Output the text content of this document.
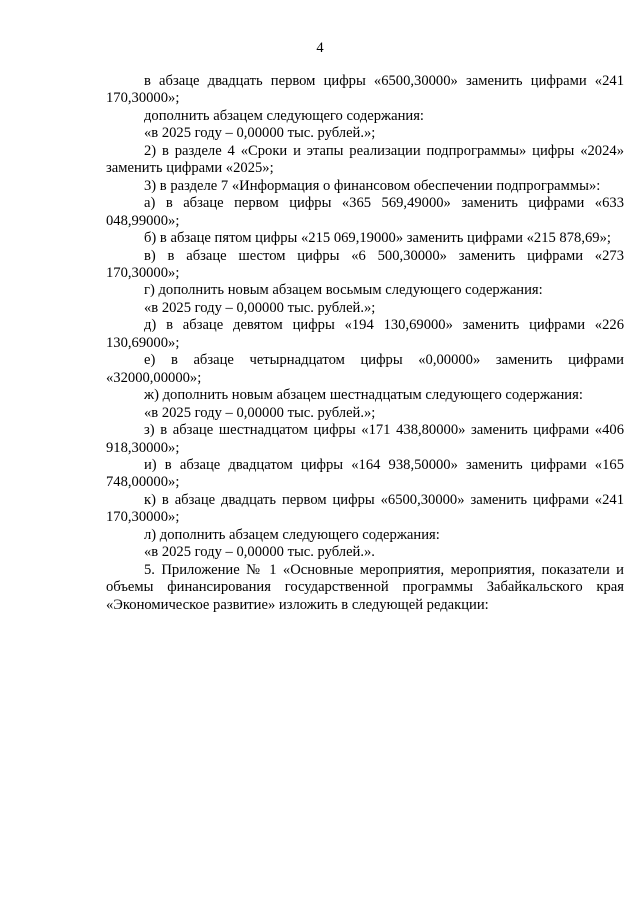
4

в абзаце двадцать первом цифры «6500,30000» заменить цифрами «241 170,30000»;

дополнить абзацем следующего содержания:

«в 2025 году – 0,00000 тыс. рублей.»;

2) в разделе 4 «Сроки и этапы реализации подпрограммы» цифры «2024» заменить цифрами «2025»;

3) в разделе 7 «Информация о финансовом обеспечении подпрограммы»:

а) в абзаце первом цифры «365 569,49000» заменить цифрами «633 048,99000»;

б) в абзаце пятом цифры «215 069,19000» заменить цифрами «215 878,69»;

в) в абзаце шестом цифры «6 500,30000» заменить цифрами «273 170,30000»;

г) дополнить новым абзацем восьмым следующего содержания:

«в 2025 году – 0,00000 тыс. рублей.»;

д) в абзаце девятом цифры «194 130,69000» заменить цифрами «226 130,69000»;

е) в абзаце четырнадцатом цифры «0,00000» заменить цифрами «32000,00000»;

ж) дополнить новым абзацем шестнадцатым следующего содержания:

«в 2025 году – 0,00000 тыс. рублей.»;

з) в абзаце шестнадцатом цифры «171 438,80000» заменить цифрами «406 918,30000»;

и) в абзаце двадцатом цифры «164 938,50000» заменить цифрами «165 748,00000»;

к) в абзаце двадцать первом цифры «6500,30000» заменить цифрами «241 170,30000»;

л) дополнить абзацем следующего содержания:

«в 2025 году – 0,00000 тыс. рублей.».

5. Приложение № 1 «Основные мероприятия, мероприятия, показатели и объемы финансирования государственной программы Забайкальского края «Экономическое развитие» изложить в следующей редакции:
